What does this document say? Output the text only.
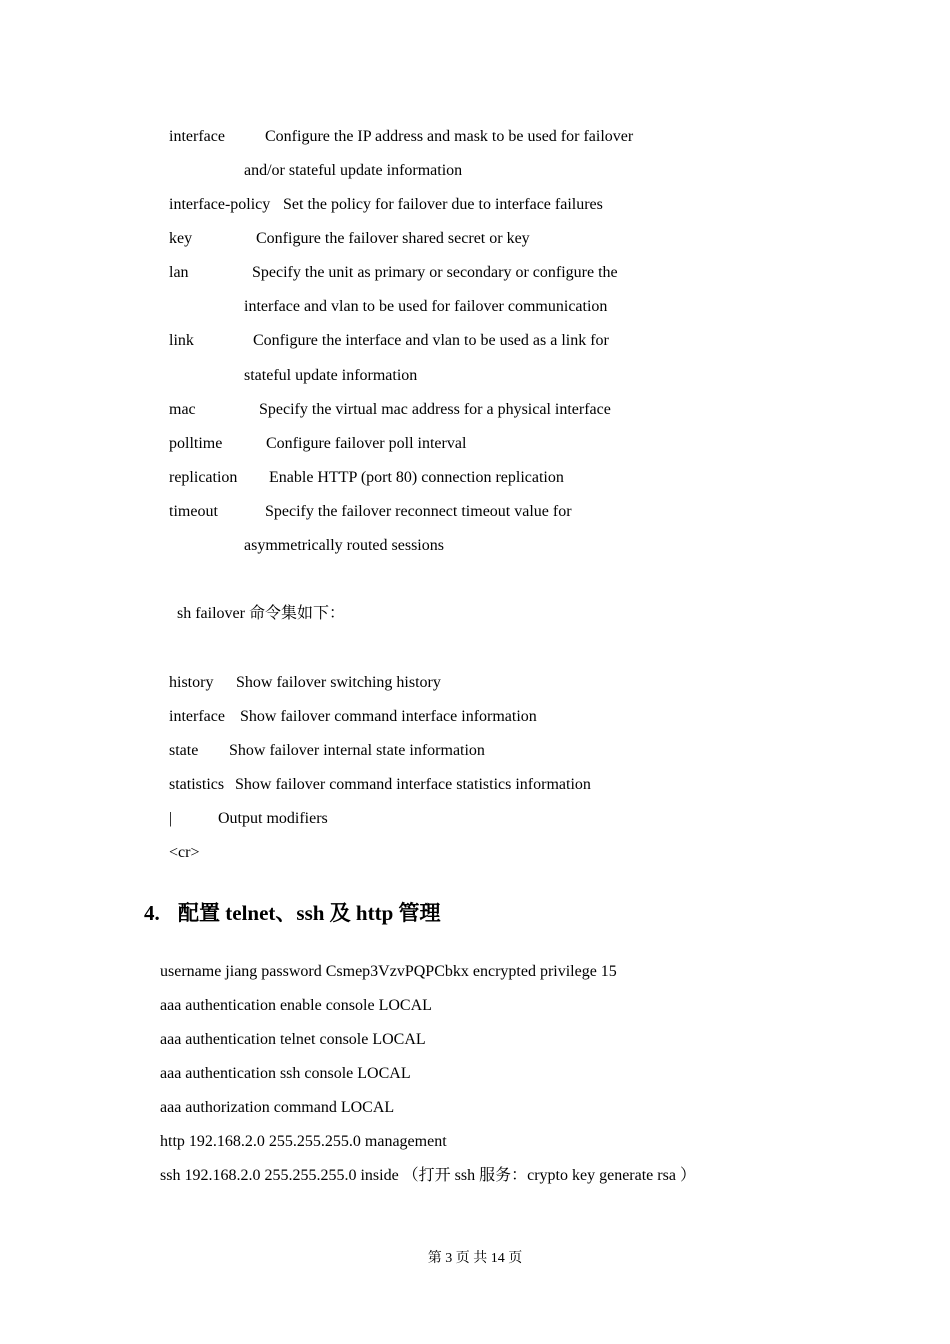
interface	Configure the IP address and mask to be used for failover
and/or stateful update information
interface-policy Set the policy for failover due to interface failures
key	Configure the failover shared secret or key
lan	Specify the unit as primary or secondary or configure the
interface and vlan to be used for failover communication
link	Configure the interface and vlan to be used as a link for
stateful update information
mac	Specify the virtual mac address for a physical interface
polltime	Configure failover poll interval
replication Enable HTTP (port 80) connection replication
timeout	Specify the failover reconnect timeout value for
asymmetrically routed sessions
sh failover 命令集如下：
history Show failover switching history
interface Show failover command interface information
state Show failover internal state information
statistics Show failover command interface statistics information
|	Output modifiers
<cr>
4. 配置 telnet、ssh 及 http 管理
username jiang password Csmep3VzvPQPCbkx encrypted privilege 15
aaa authentication enable console LOCAL
aaa authentication telnet console LOCAL
aaa authentication ssh console LOCAL
aaa authorization command LOCAL
http 192.168.2.0 255.255.255.0 management
ssh 192.168.2.0 255.255.255.0 inside （打开 ssh 服务：crypto key generate rsa ）
第 3 页 共 14 页
